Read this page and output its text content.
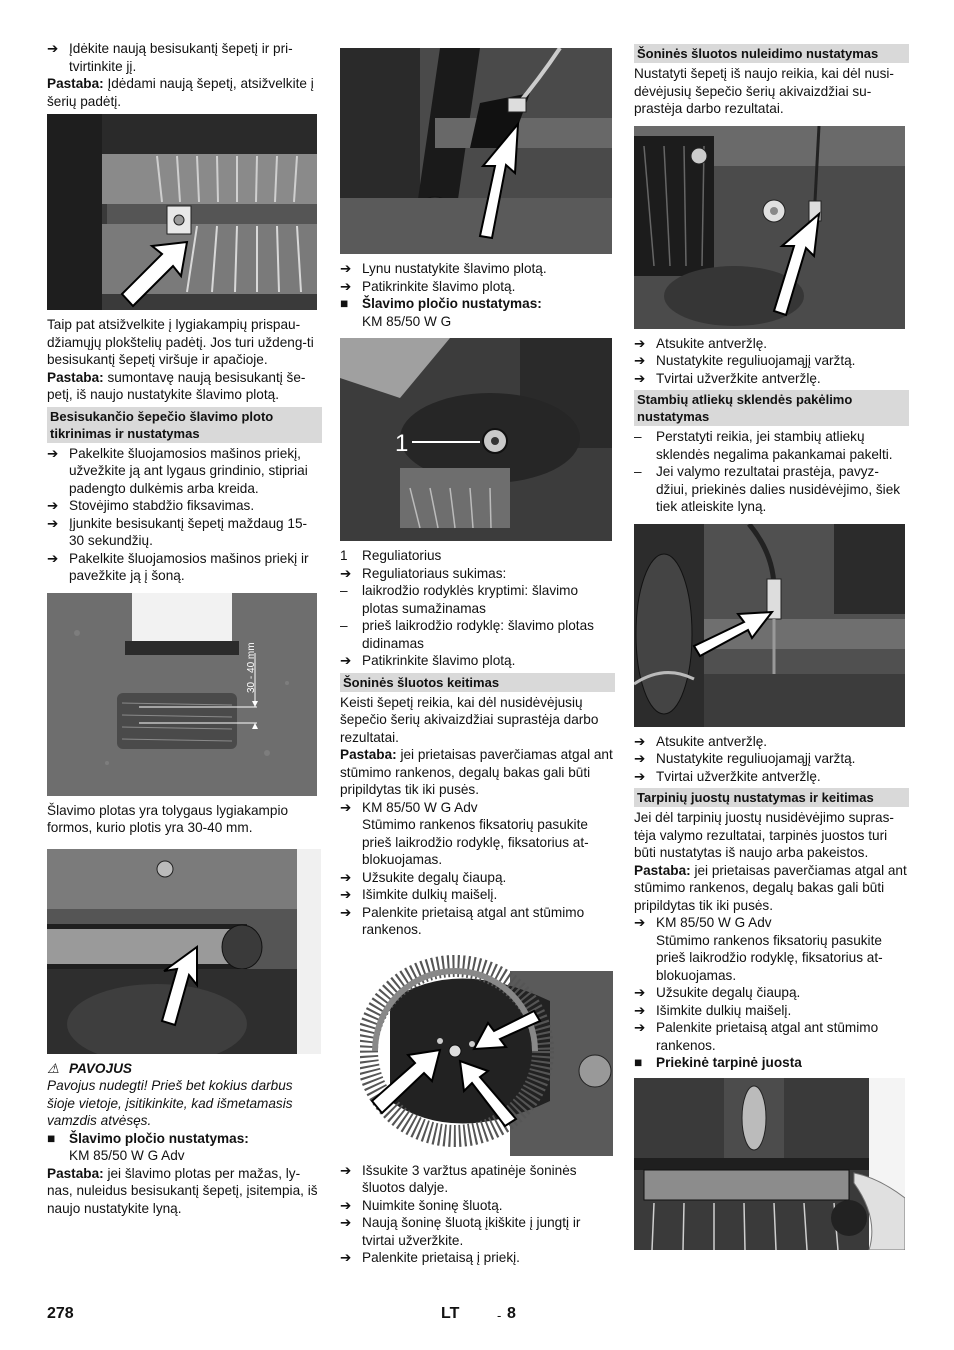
➔ Įdėkite naują besisukantį šepetį ir pri-tvirtinkite jį.

Pastaba: Įdėdami naują šepetį, atsižvelkite į šerių padėtį.

Taip pat atsižvelkite į lygiakampių prispau-džiamųjų plokštelių padėtį. Jos turi uždeng-ti besisukantį šepetį viršuje ir apačioje.

Pastaba: sumontavę naują besisukantį še-petį, iš naujo nustatykite šlavimo plotą.

Besisukančio šepečio šlavimo ploto tikrinimas ir nustatymas
➔ Pakelkite šluojamosios mašinos priekį, užvežkite ją ant lygaus grindinio, stipriai padengto dulkėmis arba kreida.
➔ Stovėjimo stabdžio fiksavimas.
➔ Įjunkite besisukantį šepetį maždaug 15-30 sekundžių.
➔ Pakelkite šluojamosios mašinos priekį ir pavežkite ją į šoną.
30 - 40 mm

Šlavimo plotas yra tolygaus lygiakampio formos, kurio plotis yra 30-40 mm.

⚠ PAVOJUS

Pavojus nudegti! Prieš bet kokius darbus šioje vietoje, įsitikinkite, kad išmetamasis vamzdis atvėsęs.

■	Šlavimo pločio nustatymas:
KM 85/50 W G Adv

Pastaba: jei šlavimo plotas per mažas, ly-nas, nuleidus besisukantį šepetį, įsitempia, iš naujo nustatykite lyną.

➔ Lynu nustatykite šlavimo plotą.
➔ Patikrinkite šlavimo plotą.
■	Šlavimo pločio nustatymas:
KM 85/50 W G
1
1	Reguliatorius
➔ Reguliatoriaus sukimas:
–	laikrodžio rodyklės kryptimi: šlavimo plotas sumažinamas
–	prieš laikrodžio rodyklę: šlavimo plotas didinamas
➔ Patikrinkite šlavimo plotą.
Šoninės šluotos keitimas

Keisti šepetį reikia, kai dėl nusidėvėjusių šepečio šerių akivaizdžiai suprastėja darbo rezultatai.

Pastaba: jei prietaisas paverčiamas atgal ant stūmimo rankenos, degalų bakas gali būti pripildytas tik iki pusės.

➔ KM 85/50 W G Adv
Stūmimo rankenos fiksatorių pasukite prieš laikrodžio rodyklę, fiksatorius at-blokuojamas.
➔ Užsukite degalų čiaupą.
➔ Išimkite dulkių maišelį.
➔ Palenkite prietaisą atgal ant stūmimo rankenos.
➔ Išsukite 3 varžtus apatinėje šoninės šluotos dalyje.
➔ Nuimkite šoninę šluotą.
➔ Naują šoninę šluotą įkiškite į jungtį ir tvirtai užveržkite.
➔ Palenkite prietaisą į priekį.
Šoninės šluotos nuleidimo nustatymas

Nustatyti šepetį iš naujo reikia, kai dėl nusi-dėvėjusių šepečio šerių akivaizdžiai su-prastėja darbo rezultatai.

➔ Atsukite antveržlę.
➔ Nustatykite reguliuojamąjį varžtą.
➔ Tvirtai užveržkite antveržlę.
Stambių atliekų sklendės pakėlimo nustatymas
–	Perstatyti reikia, jei stambių atliekų sklendės negalima pakankamai pakelti.
–	Jei valymo rezultatai prastėja, pavyz-džiui, priekinės dalies nusidėvėjimo, šiek tiek atleiskite lyną.
➔ Atsukite antveržlę.
➔ Nustatykite reguliuojamąjį varžtą.
➔ Tvirtai užveržkite antveržlę.
Tarpinių juostų nustatymas ir keitimas

Jei dėl tarpinių juostų nusidėvėjimo supras-tėja valymo rezultatai, tarpinės juostos turi būti nustatytas iš naujo arba pakeistos.

Pastaba: jei prietaisas paverčiamas atgal ant stūmimo rankenos, degalų bakas gali būti pripildytas tik iki pusės.

➔ KM 85/50 W G Adv
Stūmimo rankenos fiksatorių pasukite prieš laikrodžio rodyklę, fiksatorius at-blokuojamas.
➔ Užsukite degalų čiaupą.
➔ Išimkite dulkių maišelį.
➔ Palenkite prietaisą atgal ant stūmimo rankenos.
■	Priekinė tarpinė juosta
278	LT	- 8
